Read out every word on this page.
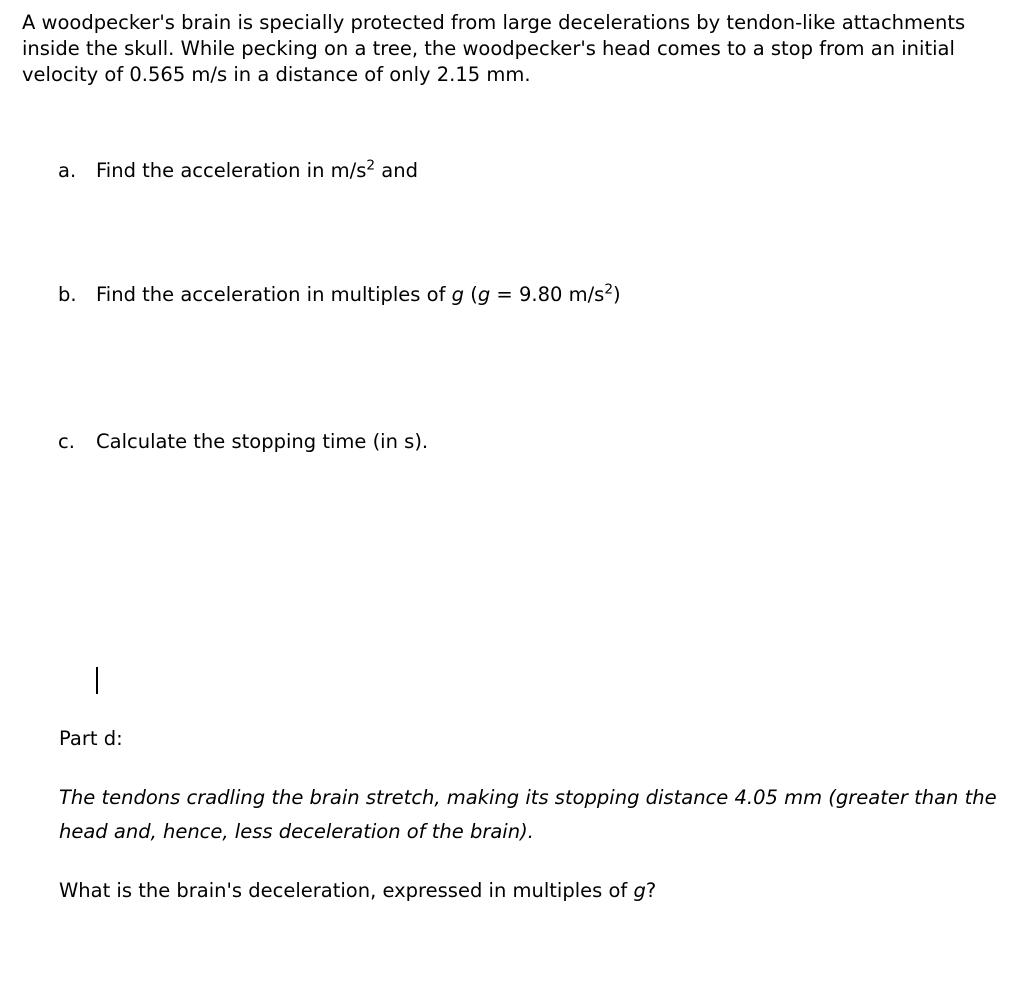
A woodpecker's brain is specially protected from large decelerations by tendon-like attachments inside the skull. While pecking on a tree, the woodpecker's head comes to a stop from an initial velocity of 0.565 m/s in a distance of only 2.15 mm.

a. Find the acceleration in $m/s^2$ and

b. Find the acceleration in multiples of g (g = 9.80 $m/s^2$)

c. Calculate the stopping time (in s).

Part d:

The tendons cradling the brain stretch, making its stopping distance 4.05 mm (greater than the head and, hence, less deceleration of the brain).

What is the brain's deceleration, expressed in multiples of g?
